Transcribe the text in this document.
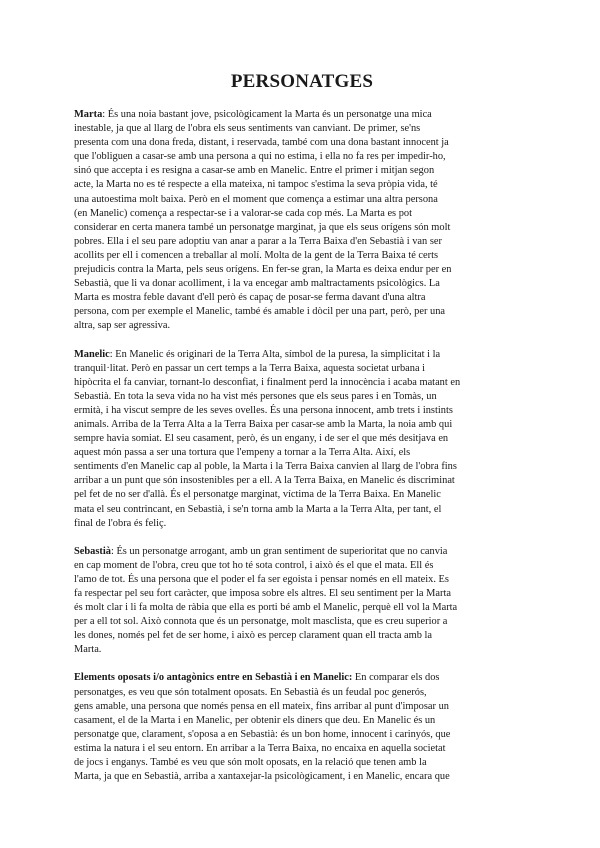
PERSONATGES
Marta: És una noia bastant jove, psicològicament la Marta és un personatge una mica
inestable, ja que al llarg de l'obra els seus sentiments van canviant. De primer, se'ns
presenta com una dona freda, distant, i reservada, també com una dona bastant innocent ja
que l'obliguen a casar-se amb una persona a qui no estima, i ella no fa res per impedir-ho,
sinó que accepta i es resigna a casar-se amb en Manelic. Entre el primer i mitjan segon
acte, la Marta no es té respecte a ella mateixa, ni tampoc s'estima la seva pròpia vida, té
una autoestima molt baixa. Però en el moment que comença a estimar una altra persona
(en Manelic) comença a respectar-se i a valorar-se cada cop més. La Marta es pot
considerar en certa manera també un personatge marginat, ja que els seus orígens són molt
pobres. Ella i el seu pare adoptiu van anar a parar a la Terra Baixa d'en Sebastià i van ser
acollits per ell i comencen a treballar al molí. Molta de la gent de la Terra Baixa té certs
prejudicis contra la Marta, pels seus orígens. En fer-se gran, la Marta es deixa endur per en
Sebastià, que li va donar acolliment, i la va encegar amb maltractaments psicològics. La
Marta es mostra feble davant d'ell però és capaç de posar-se ferma davant d'una altra
persona, com per exemple el Manelic, també és amable i dòcil per una part, però, per una
altra, sap ser agressiva.
Manelic: En Manelic és originari de la Terra Alta, símbol de la puresa, la simplicitat i la
tranquil·litat. Però en passar un cert temps a la Terra Baixa, aquesta societat urbana i
hipòcrita el fa canviar, tornant-lo desconfiat, i finalment perd la innocència i acaba matant en
Sebastià. En tota la seva vida no ha vist més persones que els seus pares i en Tomàs, un
ermità, i ha viscut sempre de les seves ovelles. És una persona innocent, amb trets i instints
animals. Arriba de la Terra Alta a la Terra Baixa per casar-se amb la Marta, la noia amb qui
sempre havia somiat. El seu casament, però, és un engany, i de ser el que més desitjava en
aquest món passa a ser una tortura que l'empeny a tornar a la Terra Alta. Així, els
sentiments d'en Manelic cap al poble, la Marta i la Terra Baixa canvien al llarg de l'obra fins
arribar a un punt que són insostenibles per a ell. A la Terra Baixa, en Manelic és discriminat
pel fet de no ser d'allà. És el personatge marginat, víctima de la Terra Baixa. En Manelic
mata el seu contrincant, en Sebastià, i se'n torna amb la Marta a la Terra Alta, per tant, el
final de l'obra és feliç.
Sebastià: És un personatge arrogant, amb un gran sentiment de superioritat que no canvia
en cap moment de l'obra, creu que tot ho té sota control, i això és el que el mata. Ell és
l'amo de tot. És una persona que el poder el fa ser egoista i pensar només en ell mateix. Es
fa respectar pel seu fort caràcter, que imposa sobre els altres. El seu sentiment per la Marta
és molt clar i li fa molta de ràbia que ella es porti bé amb el Manelic, perquè ell vol la Marta
per a ell tot sol. Això connota que és un personatge, molt masclista, que es creu superior a
les dones, només pel fet de ser home, i això es percep clarament quan ell tracta amb la
Marta.
Elements oposats i/o antagònics entre en Sebastià i en Manelic: En comparar els dos
personatges, es veu que són totalment oposats. En Sebastià és un feudal poc generós,
gens amable, una persona que només pensa en ell mateix, fins arribar al punt d'imposar un
casament, el de la Marta i en Manelic, per obtenir els diners que deu. En Manelic és un
personatge que, clarament, s'oposa a en Sebastià: és un bon home, innocent i carinyós, que
estima la natura i el seu entorn. En arribar a la Terra Baixa, no encaixa en aquella societat
de jocs i enganys. També es veu que són molt oposats, en la relació que tenen amb la
Marta, ja que en Sebastià, arriba a xantaxejar-la psicològicament, i en Manelic, encara que
